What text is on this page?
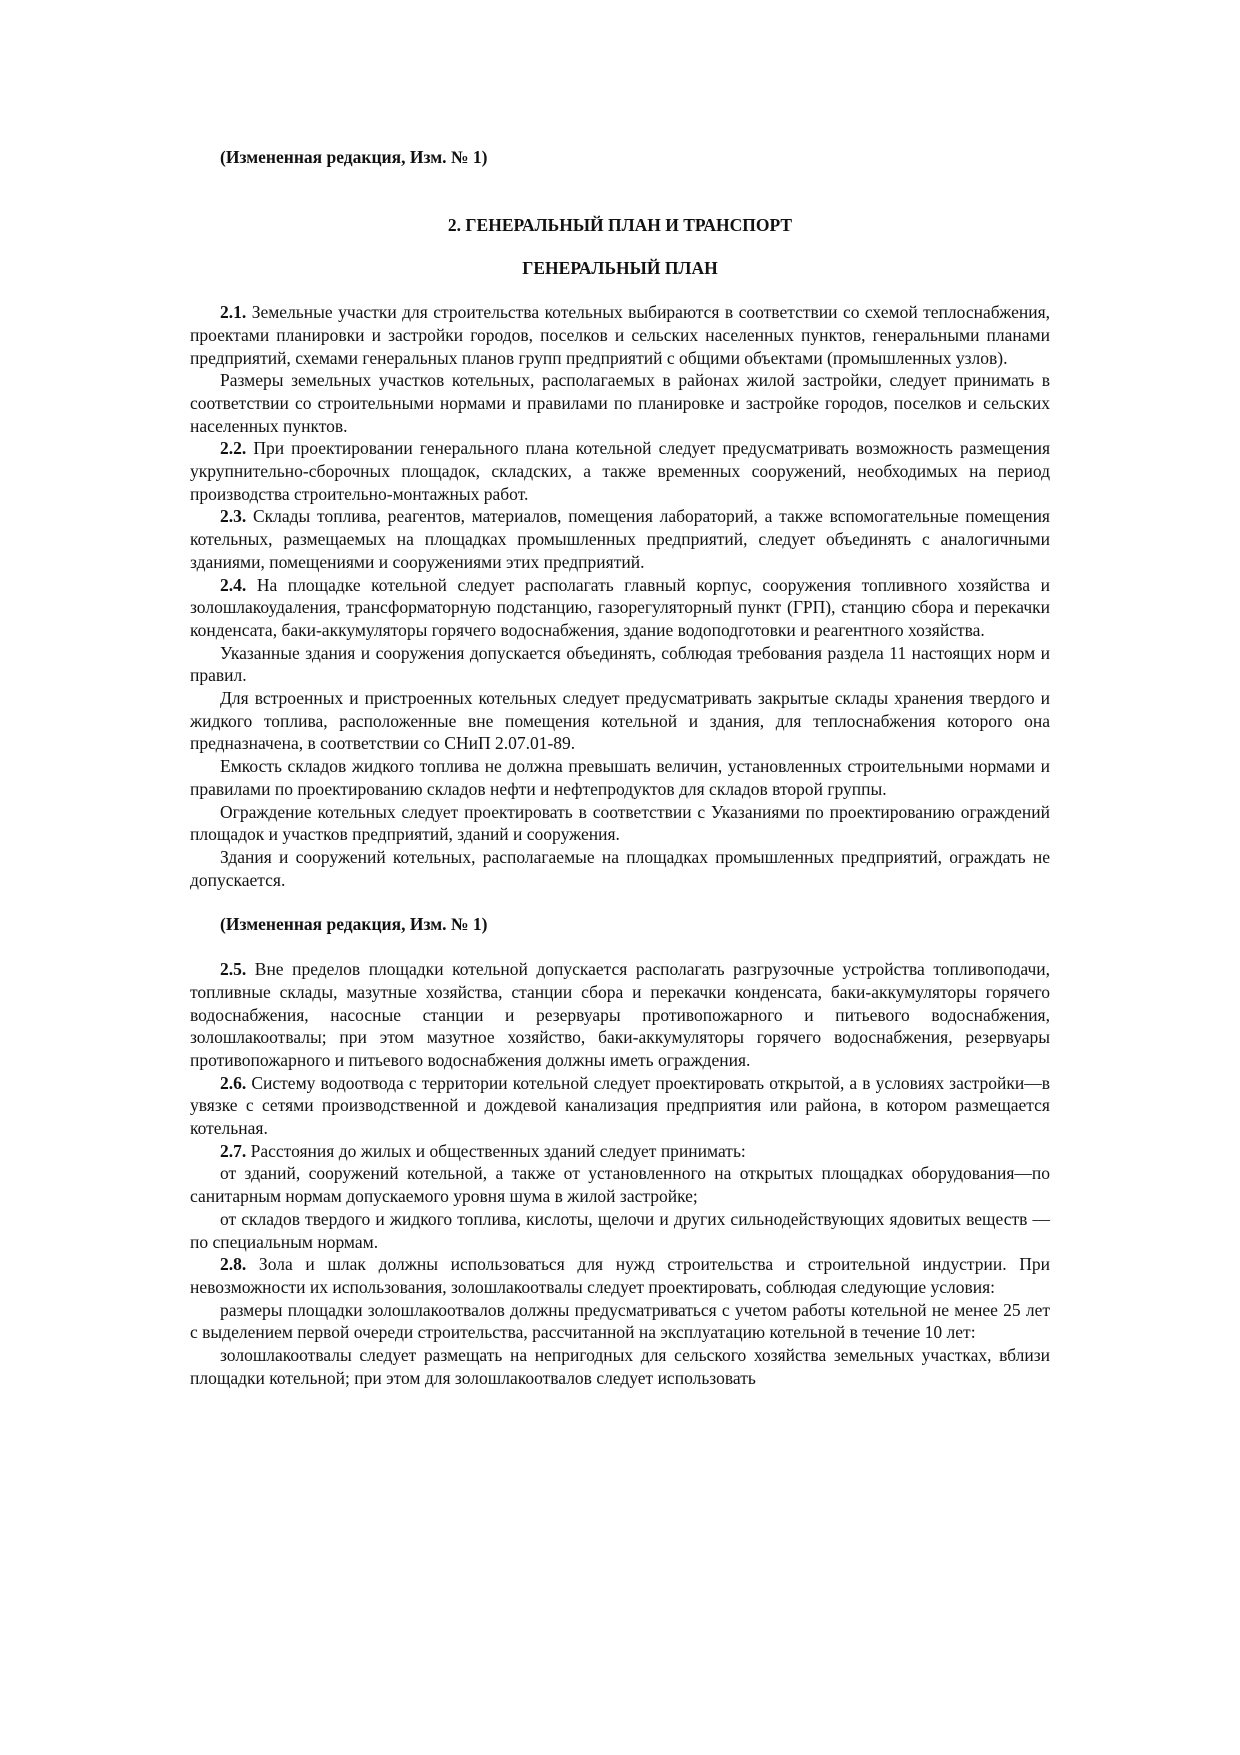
(Измененная редакция, Изм. № 1)

2. ГЕНЕРАЛЬНЫЙ ПЛАН И ТРАНСПОРТ

ГЕНЕРАЛЬНЫЙ ПЛАН

2.1. Земельные участки для строительства котельных выбираются в соответствии со схемой теплоснабжения, проектами планировки и застройки городов, поселков и сельских населенных пунктов, генеральными планами предприятий, схемами генеральных планов групп предприятий с общими объектами (промышленных узлов).

Размеры земельных участков котельных, располагаемых в районах жилой застройки, следует принимать в соответствии со строительными нормами и правилами по планировке и застройке городов, поселков и сельских населенных пунктов.

2.2. При проектировании генерального плана котельной следует предусматривать возможность размещения укрупнительно-сборочных площадок, складских, а также временных сооружений, необходимых на период производства строительно-монтажных работ.

2.3. Склады топлива, реагентов, материалов, помещения лабораторий, а также вспомогательные помещения котельных, размещаемых на площадках промышленных предприятий, следует объединять с аналогичными зданиями, помещениями и сооружениями этих предприятий.

2.4. На площадке котельной следует располагать главный корпус, сооружения топливного хозяйства и золошлакоудаления, трансформаторную подстанцию, газорегуляторный пункт (ГРП), станцию сбора и перекачки конденсата, баки-аккумуляторы горячего водоснабжения, здание водоподготовки и реагентного хозяйства.

Указанные здания и сооружения допускается объединять, соблюдая требования раздела 11 настоящих норм и правил.

Для встроенных и пристроенных котельных следует предусматривать закрытые склады хранения твердого и жидкого топлива, расположенные вне помещения котельной и здания, для теплоснабжения которого она предназначена, в соответствии со СНиП 2.07.01-89.

Емкость складов жидкого топлива не должна превышать величин, установленных строительными нормами и правилами по проектированию складов нефти и нефтепродуктов для складов второй группы.

Ограждение котельных следует проектировать в соответствии с Указаниями по проектированию ограждений площадок и участков предприятий, зданий и сооружения.

Здания и сооружений котельных, располагаемые на площадках промышленных предприятий, ограждать не допускается.

(Измененная редакция, Изм. № 1)

2.5. Вне пределов площадки котельной допускается располагать разгрузочные устройства топливоподачи, топливные склады, мазутные хозяйства, станции сбора и перекачки конденсата, баки-аккумуляторы горячего водоснабжения, насосные станции и резервуары противопожарного и питьевого водоснабжения, золошлакоотвалы; при этом мазутное хозяйство, баки-аккумуляторы горячего водоснабжения, резервуары противопожарного и питьевого водоснабжения должны иметь ограждения.

2.6. Систему водоотвода с территории котельной следует проектировать открытой, а в условиях застройки—в увязке с сетями производственной и дождевой канализация предприятия или района, в котором размещается котельная.

2.7. Расстояния до жилых и общественных зданий следует принимать:

от зданий, сооружений котельной, а также от установленного на открытых площадках оборудования—по санитарным нормам допускаемого уровня шума в жилой застройке;

от складов твердого и жидкого топлива, кислоты, щелочи и других сильнодействующих ядовитых веществ — по специальным нормам.

2.8. Зола и шлак должны использоваться для нужд строительства и строительной индустрии. При невозможности их использования, золошлакоотвалы следует проектировать, соблюдая следующие условия:

размеры площадки золошлакоотвалов должны предусматриваться с учетом работы котельной не менее 25 лет с выделением первой очереди строительства, рассчитанной на эксплуатацию котельной в течение 10 лет:

золошлакоотвалы следует размещать на непригодных для сельского хозяйства земельных участках, вблизи площадки котельной; при этом для золошлакоотвалов следует использовать
